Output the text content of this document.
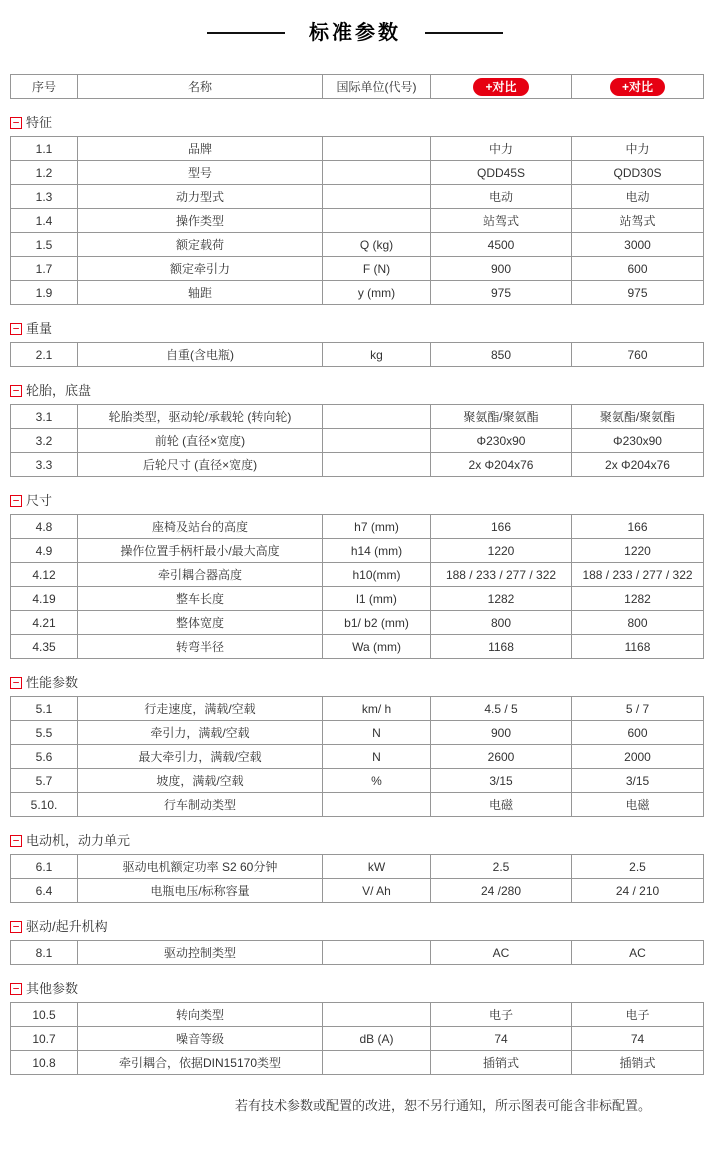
标准参数
序号	名称	国际单位(代号)	+对比	+对比
− 特征
1.1	品牌		中力	中力
1.2	型号		QDD45S	QDD30S
1.3	动力型式		电动	电动
1.4	操作类型		站驾式	站驾式
1.5	额定载荷	Q (kg)	4500	3000
1.7	额定牵引力	F (N)	900	600
1.9	轴距	y (mm)	975	975
− 重量
2.1	自重(含电瓶)	kg	850	760
− 轮胎，底盘
3.1	轮胎类型，驱动轮/承载轮 (转向轮)		聚氨酯/聚氨酯	聚氨酯/聚氨酯
3.2	前轮 (直径×宽度)		Φ230x90	Φ230x90
3.3	后轮尺寸 (直径×宽度)		2x Φ204x76	2x Φ204x76
− 尺寸
4.8	座椅及站台的高度	h7 (mm)	166	166
4.9	操作位置手柄杆最小/最大高度	h14 (mm)	1220	1220
4.12	牵引耦合器高度	h10(mm)	188 / 233 / 277 / 322	188 / 233 / 277 / 322
4.19	整车长度	l1 (mm)	1282	1282
4.21	整体宽度	b1/ b2 (mm)	800	800
4.35	转弯半径	Wa (mm)	1168	1168
− 性能参数
5.1	行走速度，满载/空载	km/ h	4.5 / 5	5 / 7
5.5	牵引力，满载/空载	N	900	600
5.6	最大牵引力，满载/空载	N	2600	2000
5.7	坡度，满载/空载	%	3/15	3/15
5.10.	行车制动类型		电磁	电磁
− 电动机，动力单元
6.1	驱动电机额定功率 S2 60分钟	kW	2.5	2.5
6.4	电瓶电压/标称容量	V/ Ah	24 /280	24 / 210
− 驱动/起升机构
8.1	驱动控制类型		AC	AC
− 其他参数
10.5	转向类型		电子	电子
10.7	噪音等级	dB (A)	74	74
10.8	牵引耦合，依据DIN15170类型		插销式	插销式
若有技术参数或配置的改进，恕不另行通知，所示图表可能含非标配置。
